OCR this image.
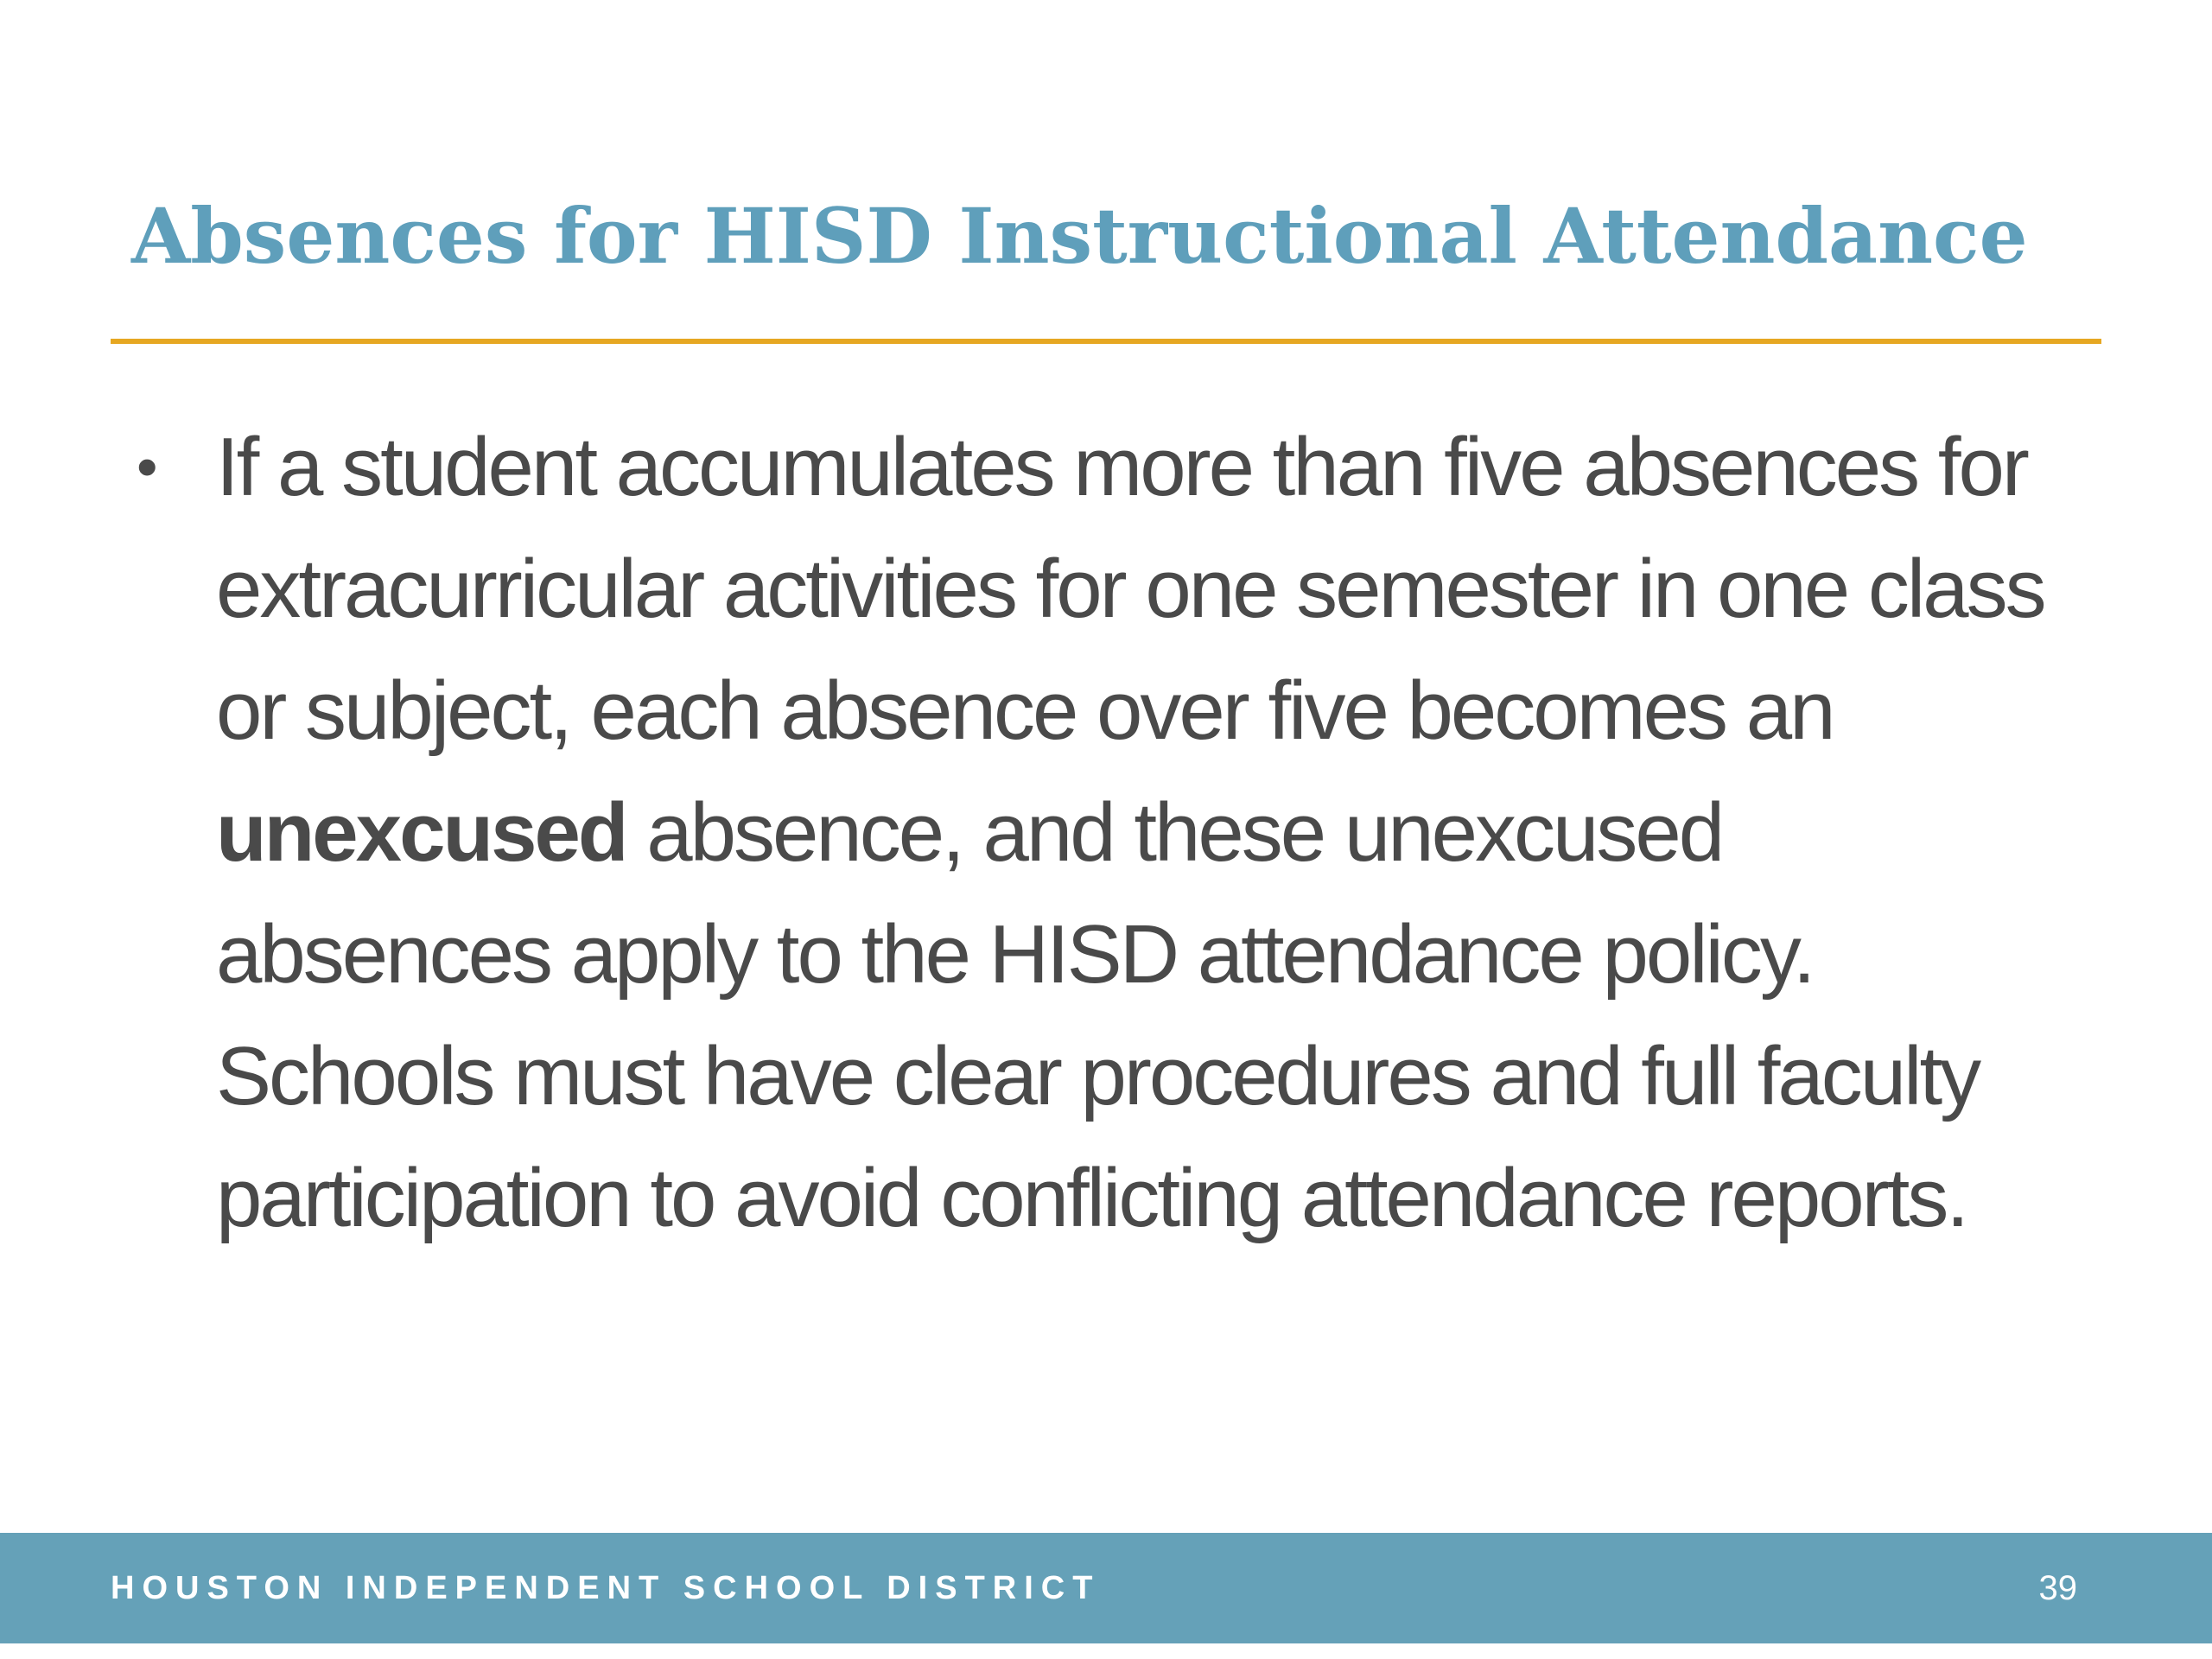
Absences for HISD Instructional Attendance
• If a student accumulates more than five absences for extracurricular activities for one semester in one class or subject, each absence over five becomes an unexcused absence, and these unexcused absences apply to the HISD attendance policy. Schools must have clear procedures and full faculty participation to avoid conflicting attendance reports.

HOUSTON INDEPENDENT SCHOOL DISTRICT	39
